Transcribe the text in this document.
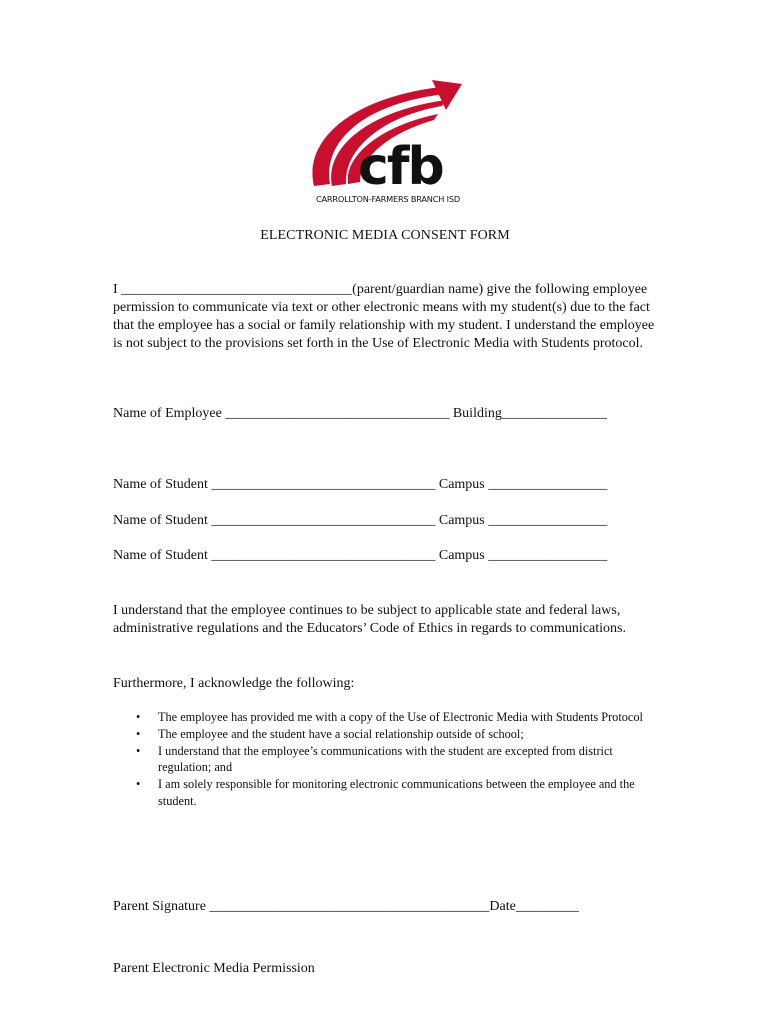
cfb
CARROLLTON-FARMERS BRANCH ISD
ELECTRONIC MEDIA CONSENT FORM
I _________________________________(parent/guardian name) give the following employee permission to communicate via text or other electronic means with my student(s) due to the fact that the employee has a social or family relationship with my student. I understand the employee is not subject to the provisions set forth in the Use of Electronic Media with Students protocol.
Name of Employee ________________________________ Building_______________
Name of Student ________________________________ Campus _________________
Name of Student ________________________________ Campus _________________
Name of Student ________________________________ Campus _________________
I understand that the employee continues to be subject to applicable state and federal laws, administrative regulations and the Educators’ Code of Ethics in regards to communications.
Furthermore, I acknowledge the following:
• The employee has provided me with a copy of the Use of Electronic Media with Students Protocol
• The employee and the student have a social relationship outside of school;
• I understand that the employee’s communications with the student are excepted from district regulation; and
• I am solely responsible for monitoring electronic communications between the employee and the student.
Parent Signature ________________________________________Date_________
Parent Electronic Media Permission
